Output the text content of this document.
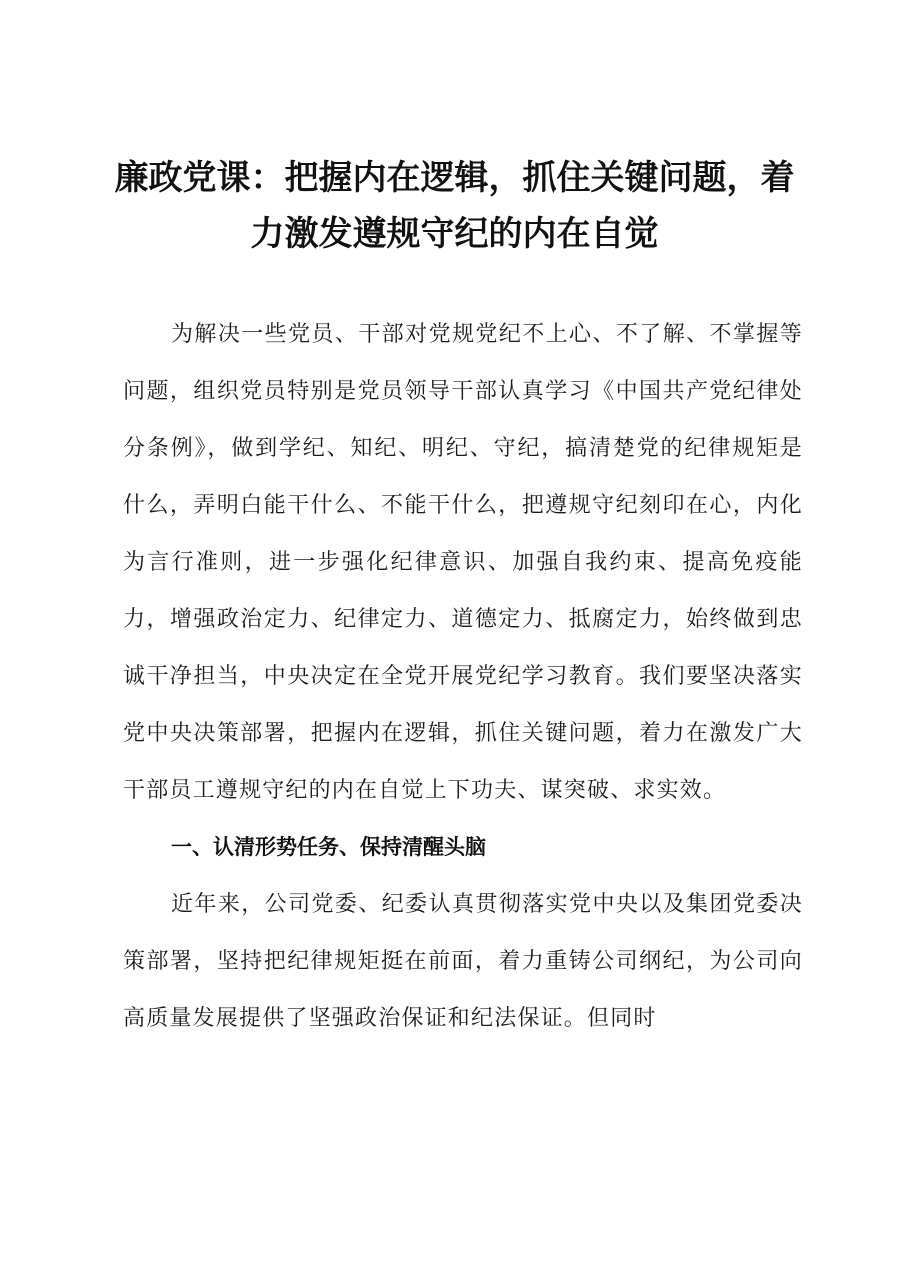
廉政党课：把握内在逻辑，抓住关键问题，着力激发遵规守纪的内在自觉

为解决一些党员、干部对党规党纪不上心、不了解、不掌握等问题，组织党员特别是党员领导干部认真学习《中国共产党纪律处分条例》，做到学纪、知纪、明纪、守纪，搞清楚党的纪律规矩是什么，弄明白能干什么、不能干什么，把遵规守纪刻印在心，内化为言行准则，进一步强化纪律意识、加强自我约束、提高免疫能力，增强政治定力、纪律定力、道德定力、抵腐定力，始终做到忠诚干净担当，中央决定在全党开展党纪学习教育。我们要坚决落实党中央决策部署，把握内在逻辑，抓住关键问题，着力在激发广大干部员工遵规守纪的内在自觉上下功夫、谋突破、求实效。

一、认清形势任务、保持清醒头脑

近年来，公司党委、纪委认真贯彻落实党中央以及集团党委决策部署，坚持把纪律规矩挺在前面，着力重铸公司纲纪，为公司向高质量发展提供了坚强政治保证和纪法保证。但同时
